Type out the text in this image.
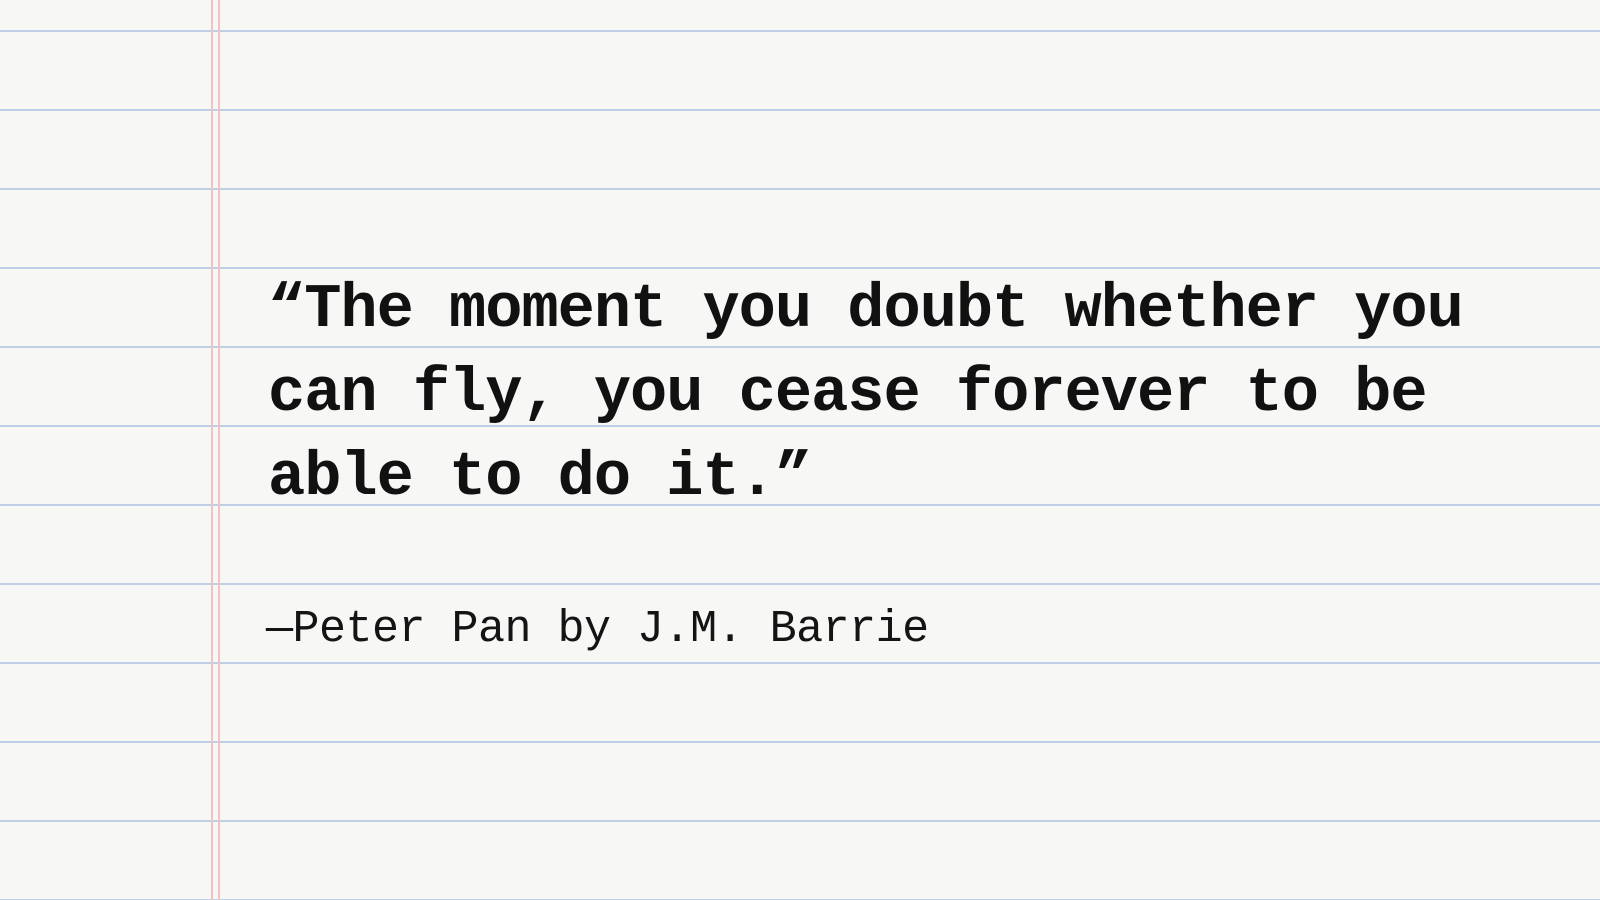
“The moment you doubt whether you can fly, you cease forever to be able to do it.”

—Peter Pan by J.M. Barrie
